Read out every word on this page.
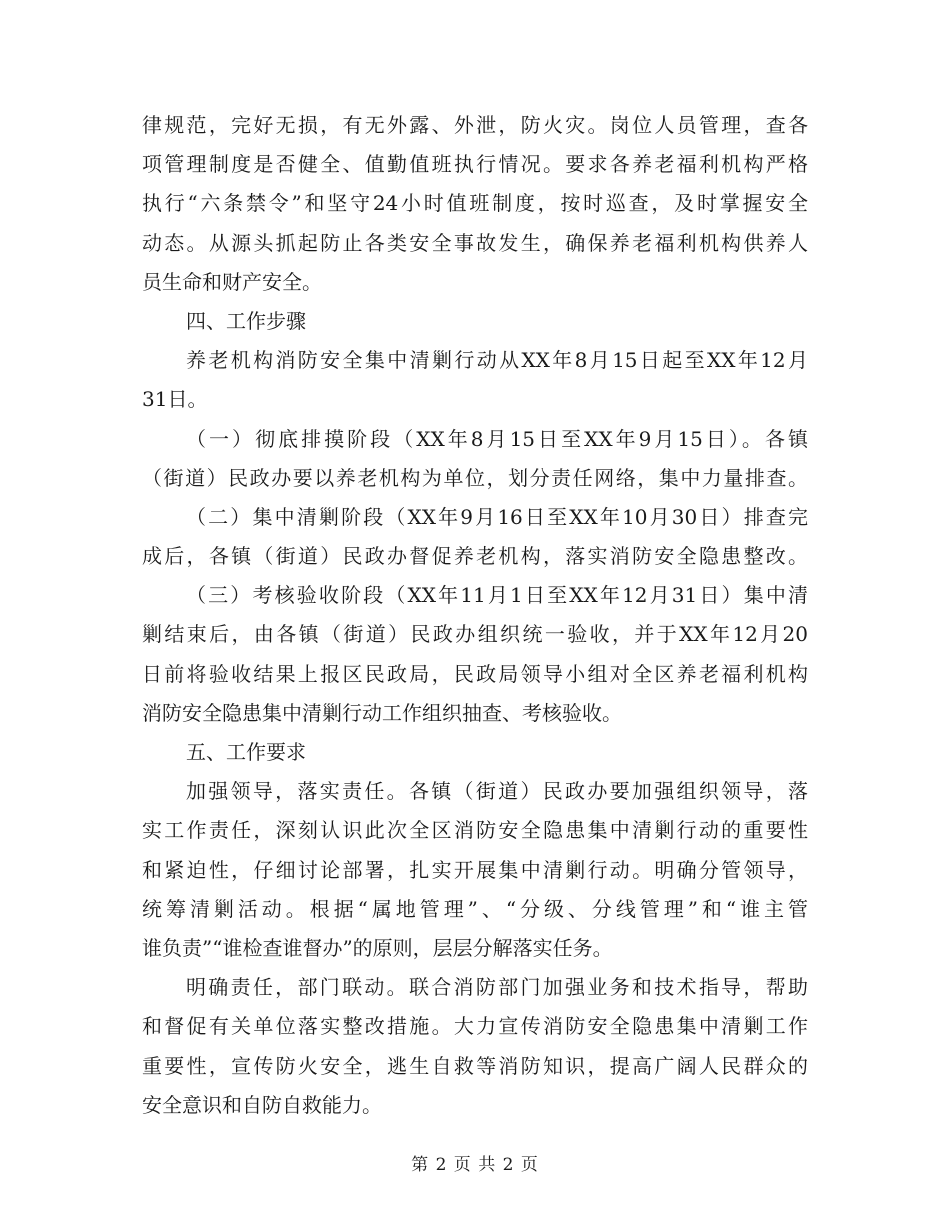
律规范，完好无损，有无外露、外泄，防火灾。岗位人员管理，查各
项管理制度是否健全、值勤值班执行情况。要求各养老福利机构严格
执行“六条禁令”和坚守24小时值班制度，按时巡查，及时掌握安全
动态。从源头抓起防止各类安全事故发生，确保养老福利机构供养人
员生命和财产安全。
四、工作步骤
养老机构消防安全集中清剿行动从XX年8月15日起至XX年12月
31日。
（一）彻底排摸阶段（XX年8月15日至XX年9月15日）。各镇
（街道）民政办要以养老机构为单位，划分责任网络，集中力量排查。
（二）集中清剿阶段（XX年9月16日至XX年10月30日）排查完
成后，各镇（街道）民政办督促养老机构，落实消防安全隐患整改。
（三）考核验收阶段（XX年11月1日至XX年12月31日）集中清
剿结束后，由各镇（街道）民政办组织统一验收，并于XX年12月20
日前将验收结果上报区民政局，民政局领导小组对全区养老福利机构
消防安全隐患集中清剿行动工作组织抽查、考核验收。
五、工作要求
加强领导，落实责任。各镇（街道）民政办要加强组织领导，落
实工作责任，深刻认识此次全区消防安全隐患集中清剿行动的重要性
和紧迫性，仔细讨论部署，扎实开展集中清剿行动。明确分管领导，
统筹清剿活动。根据“属地管理”、“分级、分线管理”和“谁主管
谁负责”“谁检查谁督办”的原则，层层分解落实任务。
明确责任，部门联动。联合消防部门加强业务和技术指导，帮助
和督促有关单位落实整改措施。大力宣传消防安全隐患集中清剿工作
重要性，宣传防火安全，逃生自救等消防知识，提高广阔人民群众的
安全意识和自防自救能力。
第 2 页 共 2 页
